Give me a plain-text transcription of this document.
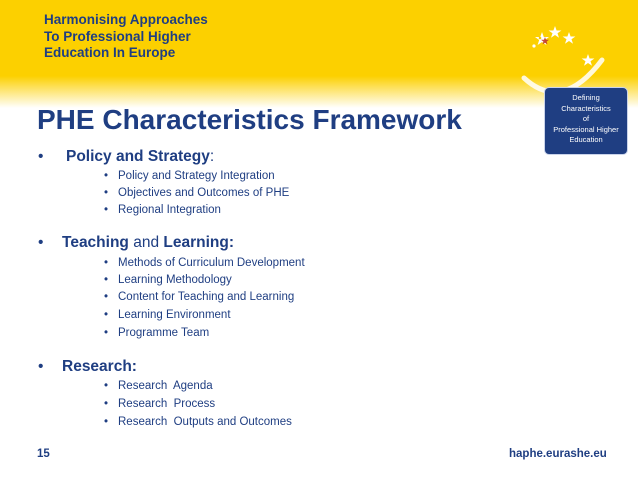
Harmonising Approaches
To Professional Higher
Education In Europe
PHE Characteristics Framework
Defining
Characteristics
of
Professional Higher
Education
• Policy and Strategy:
• Policy and Strategy Integration
• Objectives and Outcomes of PHE
• Regional Integration
• Teaching and Learning:
• Methods of Curriculum Development
• Learning Methodology
• Content for Teaching and Learning
• Learning Environment
• Programme Team
• Research:
• Research  Agenda
• Research  Process
• Research  Outputs and Outcomes
15	haphe.eurashe.eu
